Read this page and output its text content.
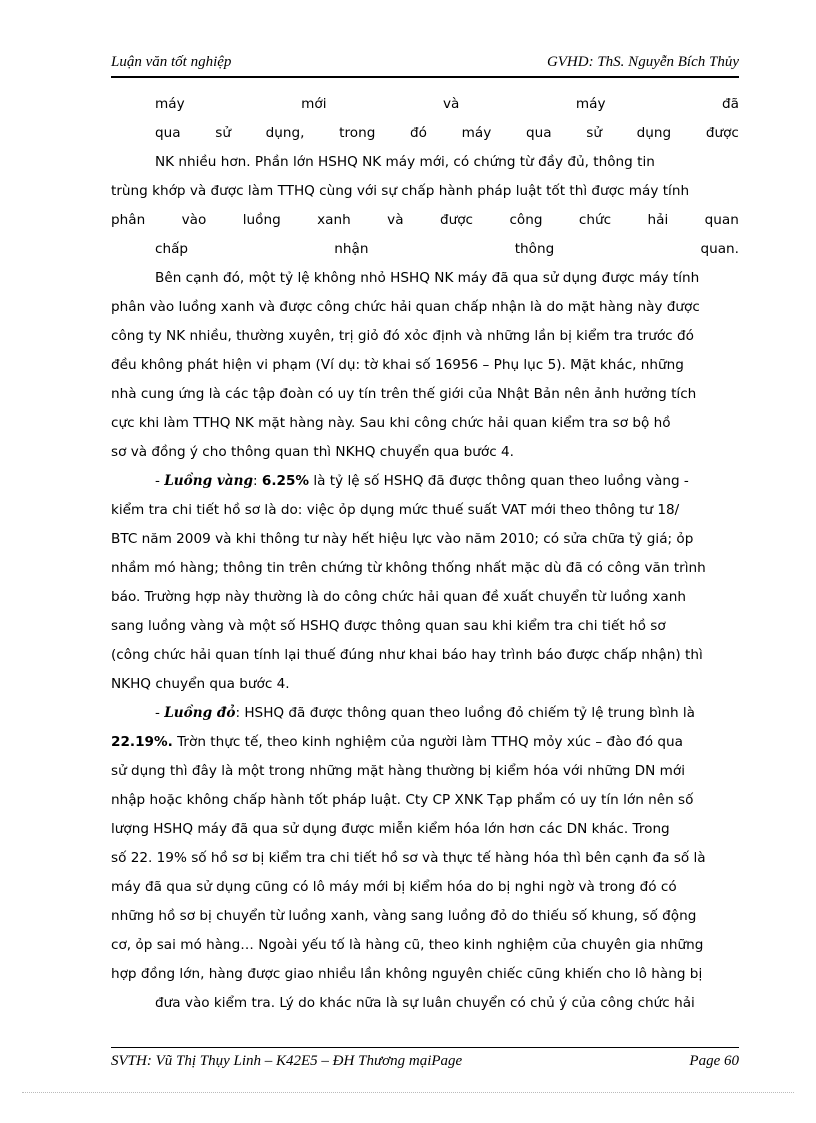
Luận văn tốt nghiệp	GVHD: ThS. Nguyễn Bích Thủy
máy	mới	và	máy	đã
qua	sử	dụng,	trong	đó	máy	qua	sử	dụng	được
NK nhiều hơn. Phần lớn HSHQ NK máy mới, có chứng từ đầy đủ, thông tin
trùng khớp và được làm TTHQ cùng với sự chấp hành pháp luật tốt thì được máy tính
phân	vào	luồng	xanh	và	được	công	chức	hải	quan
chấp	nhận	thông	quan.
Bên cạnh đó, một tỷ lệ không nhỏ HSHQ NK máy đã qua sử dụng được máy tính
phân vào luồng xanh và được công chức hải quan chấp nhận là do mặt hàng này được
công ty NK nhiều, thường xuyên, trị giỏ đó xỏc định và những lần bị kiểm tra trước đó
đều không phát hiện vi phạm (Ví dụ: tờ khai số 16956 – Phụ lục 5). Mặt khác, những
nhà cung ứng là các tập đoàn có uy tín trên thế giới của Nhật Bản nên ảnh hưởng tích
cực khi làm TTHQ NK mặt hàng này. Sau khi công chức hải quan kiểm tra sơ bộ hồ
sơ và đồng ý cho thông quan thì NKHQ chuyển qua bước 4.
- Luồng vàng: 6.25% là tỷ lệ số HSHQ đã được thông quan theo luồng vàng -
kiểm tra chi tiết hồ sơ là do: việc ỏp dụng mức thuế suất VAT mới theo thông tư 18/
BTC năm 2009 và khi thông tư này hết hiệu lực vào năm 2010; có sửa chữa tỷ giá; ỏp
nhầm mó hàng; thông tin trên chứng từ không thống nhất mặc dù đã có công văn trình
báo. Trường hợp này thường là do công chức hải quan đề xuất chuyển từ luồng xanh
sang luồng vàng và một số HSHQ được thông quan sau khi kiểm tra chi tiết hồ sơ
(công chức hải quan tính lại thuế đúng như khai báo hay trình báo được chấp nhận) thì
NKHQ chuyển qua bước 4.
- Luồng đỏ: HSHQ đã được thông quan theo luồng đỏ chiếm tỷ lệ trung bình là
22.19%. Trờn thực tế, theo kinh nghiệm của người làm TTHQ mỏy xúc – đào đó qua
sử dụng thì đây là một trong những mặt hàng thường bị kiểm hóa với những DN mới
nhập hoặc không chấp hành tốt pháp luật. Cty CP XNK Tạp phẩm có uy tín lớn nên số
lượng HSHQ máy đã qua sử dụng được miễn kiểm hóa lớn hơn các DN khác. Trong
số 22. 19% số hồ sơ bị kiểm tra chi tiết hồ sơ và thực tế hàng hóa thì bên cạnh đa số là
máy đã qua sử dụng cũng có lô máy mới bị kiểm hóa do bị nghi ngờ và trong đó có
những hồ sơ bị chuyển từ luồng xanh, vàng sang luồng đỏ do thiếu số khung, số động
cơ, ỏp sai mó hàng… Ngoài yếu tố là hàng cũ, theo kinh nghiệm của chuyên gia những
hợp đồng lớn, hàng được giao nhiều lần không nguyên chiếc cũng khiến cho lô hàng bị
đưa vào kiểm tra. Lý do khác nữa là sự luân chuyển có chủ ý của công chức hải
SVTH: Vũ Thị Thụy Linh – K42E5 – ĐH Thương mạiPage	Page 60
